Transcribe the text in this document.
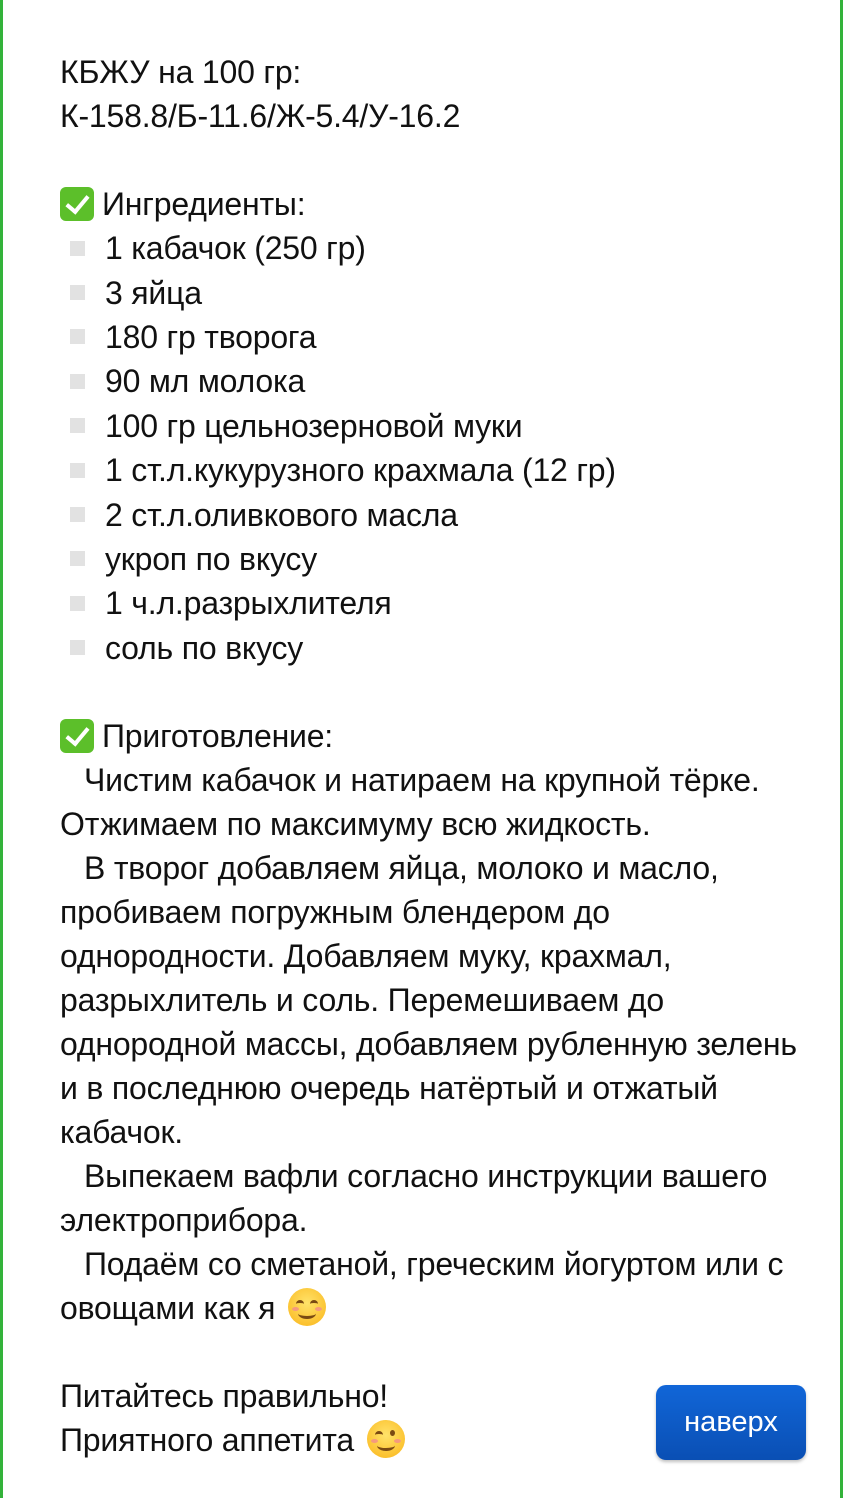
КБЖУ на 100 гр:
К-158.8/Б-11.6/Ж-5.4/У-16.2
Ингредиенты:
1 кабачок (250 гр)
3 яйца
180 гр творога
90 мл молока
100 гр цельнозерновой муки
1 ст.л.кукурузного крахмала (12 гр)
2 ст.л.оливкового масла
укроп по вкусу
1 ч.л.разрыхлителя
соль по вкусу
Приготовление:
Чистим кабачок и натираем на крупной тёрке. Отжимаем по максимуму всю жидкость.
В творог добавляем яйца, молоко и масло, пробиваем погружным блендером до однородности. Добавляем муку, крахмал, разрыхлитель и соль. Перемешиваем до однородной массы, добавляем рубленную зелень и в последнюю очередь натёртый и отжатый кабачок.
Выпекаем вафли согласно инструкции вашего электроприбора.
Подаём со сметаной, греческим йогуртом или с овощами как я
Питайтесь правильно!
Приятного аппетита	наверх
